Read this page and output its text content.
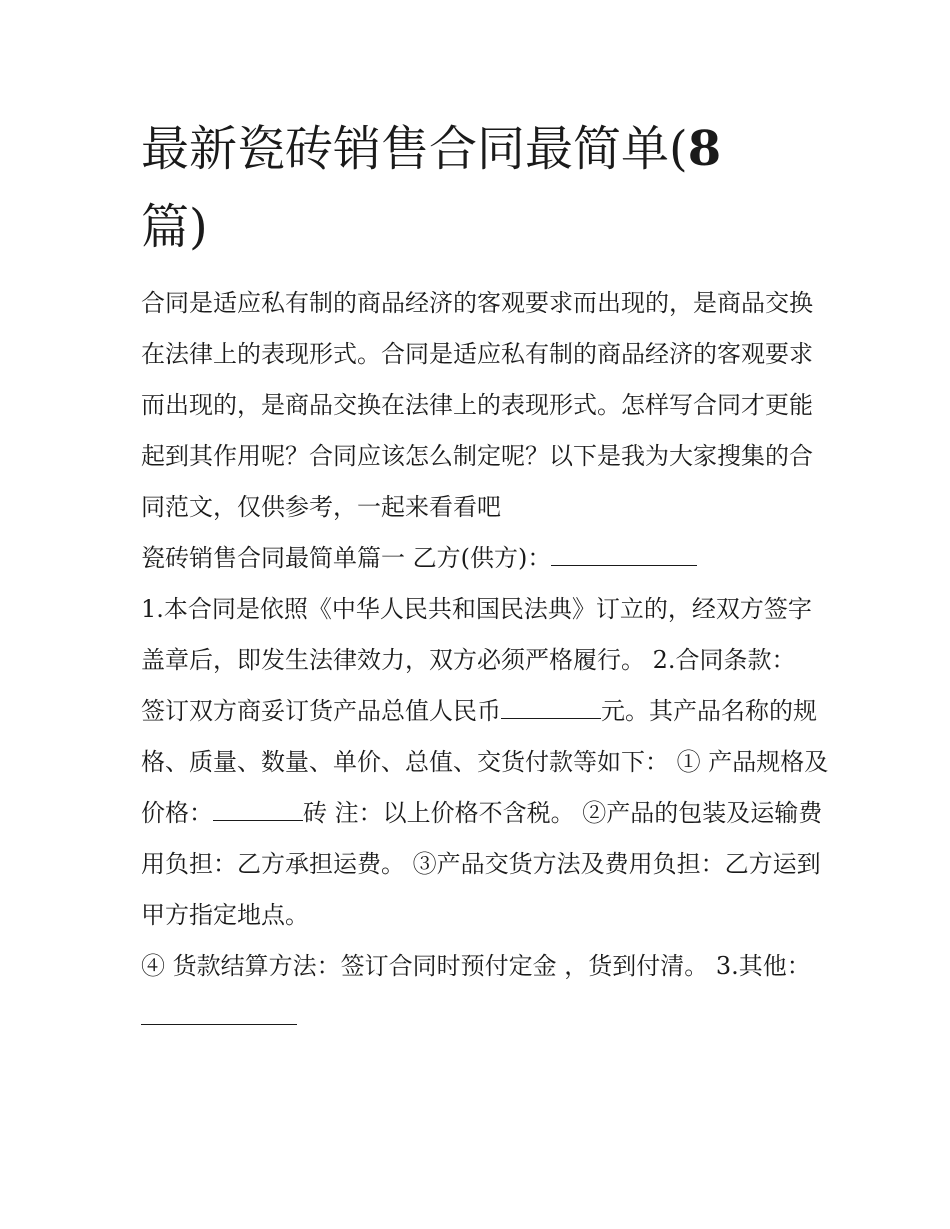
最新瓷砖销售合同最简单(8
篇)

合同是适应私有制的商品经济的客观要求而出现的，是商品交换在法律上的表现形式。合同是适应私有制的商品经济的客观要求而出现的，是商品交换在法律上的表现形式。怎样写合同才更能起到其作用呢？合同应该怎么制定呢？以下是我为大家搜集的合同范文，仅供参考，一起来看看吧

瓷砖销售合同最简单篇一 乙方(供方)：

1.本合同是依照《中华人民共和国民法典》订立的，经双方签字盖章后，即发生法律效力，双方必须严格履行。 2.合同条款：

签订双方商妥订货产品总值人民币	元。其产品名称的规格、质量、数量、单价、总值、交货付款等如下： ① 产品规格及价格：	砖 注：以上价格不含税。 ②产品的包装及运输费用负担：乙方承担运费。 ③产品交货方法及费用负担：乙方运到甲方指定地点。

④ 货款结算方法：签订合同时预付定金 ，货到付清。 3.其他：
